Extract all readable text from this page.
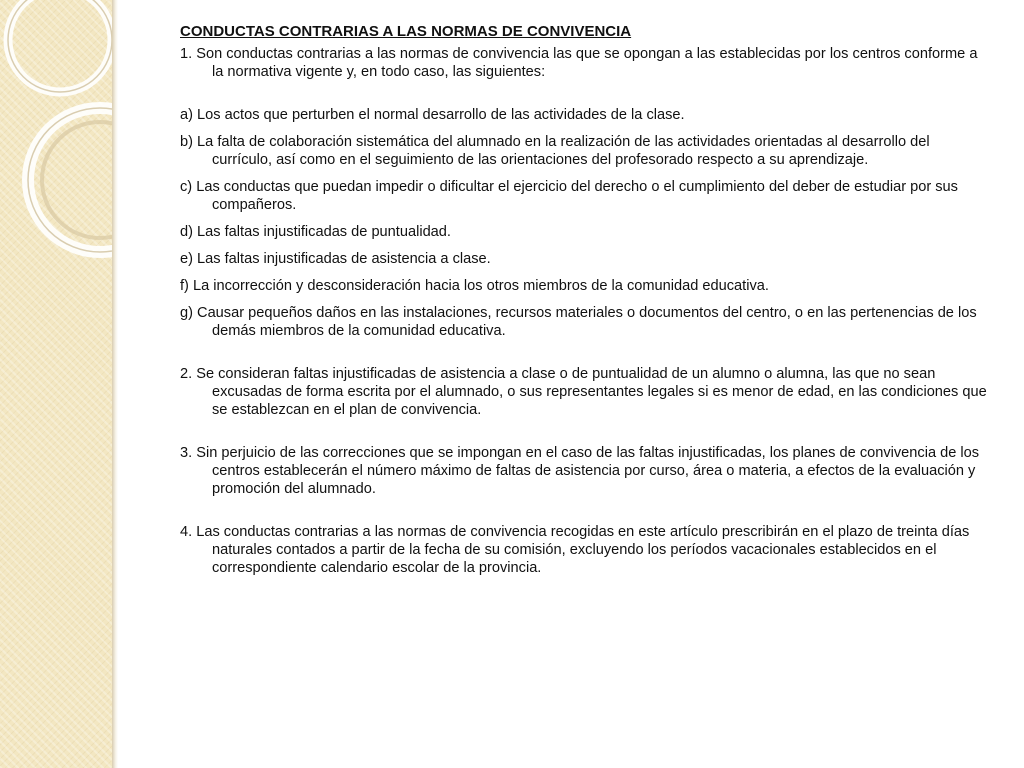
CONDUCTAS CONTRARIAS A LAS NORMAS DE CONVIVENCIA

1. Son conductas contrarias a las normas de convivencia las que se opongan a las establecidas por los centros conforme a la normativa vigente y, en todo caso, las siguientes:

a) Los actos que perturben el normal desarrollo de las actividades de la clase.

b) La falta de colaboración sistemática del alumnado en la realización de las actividades orientadas al desarrollo del currículo, así como en el seguimiento de las orientaciones del profesorado respecto a su aprendizaje.

c) Las conductas que puedan impedir o dificultar el ejercicio del derecho o el cumplimiento del deber de estudiar por sus compañeros.

d) Las faltas injustificadas de puntualidad.

e) Las faltas injustificadas de asistencia a clase.

f) La incorrección y desconsideración hacia los otros miembros de la comunidad educativa.

g) Causar pequeños daños en las instalaciones, recursos materiales o documentos del centro, o en las pertenencias de los demás miembros de la comunidad educativa.

2. Se consideran faltas injustificadas de asistencia a clase o de puntualidad de un alumno o alumna, las que no sean excusadas de forma escrita por el alumnado, o sus representantes legales si es menor de edad, en las condiciones que se establezcan en el plan de convivencia.

3. Sin perjuicio de las correcciones que se impongan en el caso de las faltas injustificadas, los planes de convivencia de los centros establecerán el número máximo de faltas de asistencia por curso, área o materia, a efectos de la evaluación y promoción del alumnado.

4. Las conductas contrarias a las normas de convivencia recogidas en este artículo prescribirán en el plazo de treinta días naturales contados a partir de la fecha de su comisión, excluyendo los períodos vacacionales establecidos en el correspondiente calendario escolar de la provincia.
